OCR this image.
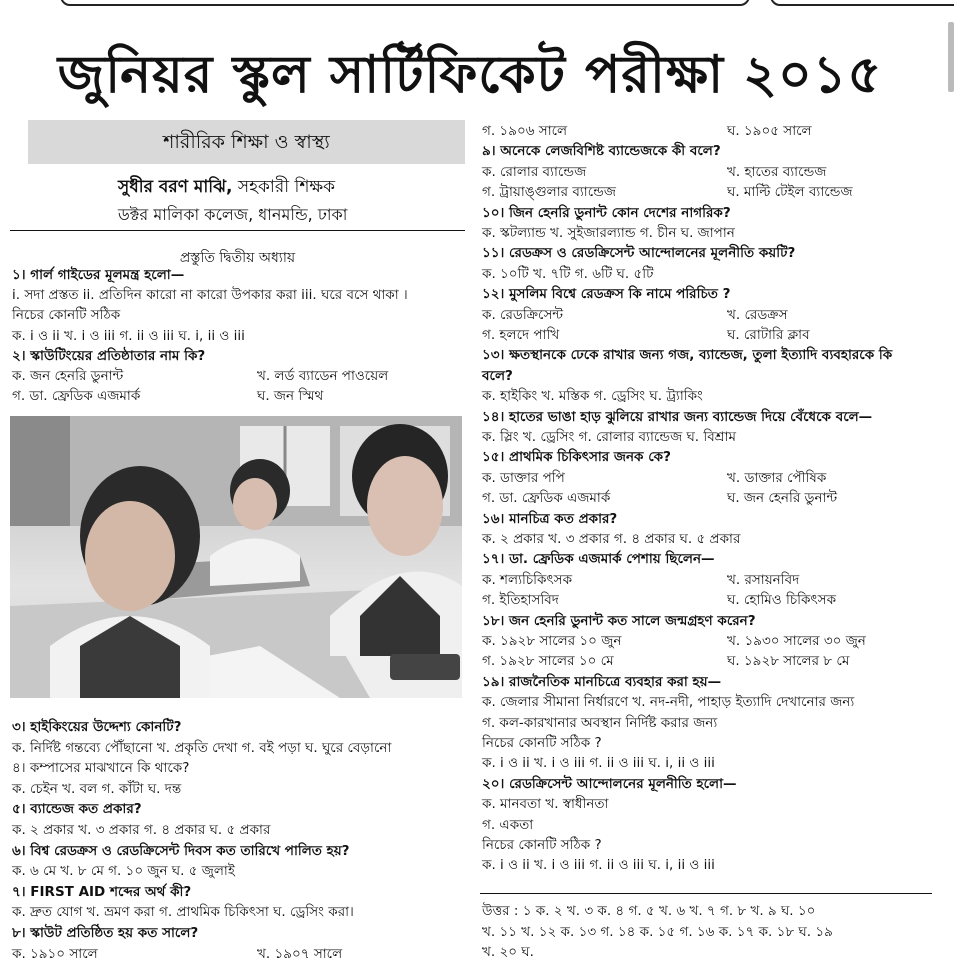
জুনিয়র স্কুল সার্টিফিকেট পরীক্ষা ২০১৫
শারীরিক শিক্ষা ও স্বাস্থ্য
সুধীর বরণ মাঝি, সহকারী শিক্ষক
ডক্টর মালিকা কলেজ, ধানমন্ডি, ঢাকা
প্রস্তুতি দ্বিতীয় অধ্যায়
উত্তর : ১ ক. ২ খ. ৩ ক. ৪ গ. ৫ খ. ৬ খ. ৭ গ. ৮ খ. ৯ ঘ. ১০
খ. ১১ খ. ১২ ক. ১৩ গ. ১৪ ক. ১৫ গ. ১৬ ক. ১৭ ক. ১৮ ঘ. ১৯
খ. ২০ ঘ.
১। গার্ল গাইডের মূলমন্ত্র হলো—
i. সদা প্রস্তত ii. প্রতিদিন কারো না কারো উপকার করা iii. ঘরে বসে থাকা ।
নিচের কোনটি সঠিক
ক. i ও ii খ. i ও iii গ. ii ও iii ঘ. i, ii ও iii
২। স্কাউটিংয়ের প্রতিষ্ঠাতার নাম কি?
ক. জন হেনরি ডুনান্ট	খ. লর্ড ব্যাডেন পাওয়েল
গ. ডা. ফ্রেডিক এজমার্ক	ঘ. জন স্মিথ
৩। হাইকিংয়ের উদ্দেশ্য কোনটি?
ক. নির্দিষ্ট গন্তব্যে পৌঁছানো খ. প্রকৃতি দেখা গ. বই পড়া ঘ. ঘুরে বেড়ানো
৪। কম্পাসের মাঝখানে কি থাকে?
ক. চেইন খ. বল গ. কাঁটা ঘ. দন্ত
৫। ব্যান্ডেজ কত প্রকার?
ক. ২ প্রকার খ. ৩ প্রকার গ. ৪ প্রকার ঘ. ৫ প্রকার
৬। বিশ্ব রেডক্রস ও রেডক্রিসেন্ট দিবস কত তারিখে পালিত হয়?
ক. ৬ মে খ. ৮ মে গ. ১০ জুন ঘ. ৫ জুলাই
৭। FIRST AID শব্দের অর্থ কী?
ক. দ্রুত যোগ খ. ভ্রমণ করা গ. প্রাথমিক চিকিৎসা ঘ. ড্রেসিং করা।
৮। স্কাউট প্রতিষ্ঠিত হয় কত সালে?
ক. ১৯১০ সালে	খ. ১৯০৭ সালে
গ. ১৯০৬ সালে	ঘ. ১৯০৫ সালে
৯। অনেকে লেজবিশিষ্ট ব্যান্ডেজকে কী বলে?
ক. রোলার ব্যান্ডেজ	খ. হাতের ব্যান্ডেজ
গ. ট্রায়াঙ্গুলার ব্যান্ডেজ	ঘ. মাল্টি টেইল ব্যান্ডেজ
১০। জিন হেনরি ডুনান্ট কোন দেশের নাগরিক?
ক. স্কটল্যান্ড খ. সুইজারল্যান্ড গ. চীন ঘ. জাপান
১১। রেডক্রস ও রেডক্রিসেন্ট আন্দোলনের মূলনীতি কয়টি?
ক. ১০টি খ. ৭টি গ. ৬টি ঘ. ৫টি
১২। মুসলিম বিশ্বে রেডক্রস কি নামে পরিচিত ?
ক. রেডক্রিসেন্ট	খ. রেডক্রস
গ. হলদে পাখি	ঘ. রোটারি ক্লাব
১৩। ক্ষতস্থানকে ঢেকে রাখার জন্য গজ, ব্যান্ডেজ, তুলা ইত্যাদি ব্যবহারকে কি
বলে?
ক. হাইকিং খ. মস্তিক গ. ড্রেসিং ঘ. ট্র্যাকিং
১৪। হাতের ভাঙা হাড় ঝুলিয়ে রাখার জন্য ব্যান্ডেজ দিয়ে বেঁধেকে বলে—
ক. স্লিং খ. ড্রেসিং গ. রোলার ব্যান্ডেজ ঘ. বিশ্রাম
১৫। প্রাথমিক চিকিৎসার জনক কে?
ক. ডাক্তার পপি	খ. ডাক্তার পৌষিক
গ. ডা. ফ্রেডিক এজমার্ক	ঘ. জন হেনরি ডুনান্ট
১৬। মানচিত্র কত প্রকার?
ক. ২ প্রকার খ. ৩ প্রকার গ. ৪ প্রকার ঘ. ৫ প্রকার
১৭। ডা. ফ্রেডিক এজমার্ক পেশায় ছিলেন—
ক. শল্যচিকিৎসক	খ. রসায়নবিদ
গ. ইতিহাসবিদ	ঘ. হোমিও চিকিৎসক
১৮। জন হেনরি ডুনান্ট কত সালে জন্মগ্রহণ করেন?
ক. ১৯২৮ সালের ১০ জুন	খ. ১৯৩০ সালের ৩০ জুন
গ. ১৯২৮ সালের ১০ মে	ঘ. ১৯২৮ সালের ৮ মে
১৯। রাজনৈতিক মানচিত্রে ব্যবহার করা হয়—
ক. জেলার সীমানা নির্ধারণে খ. নদ-নদী, পাহাড় ইত্যাদি দেখানোর জন্য
গ. কল-কারখানার অবস্থান নির্দিষ্ট করার জন্য
নিচের কোনটি সঠিক ?
ক. i ও ii খ. i ও iii গ. ii ও iii ঘ. i, ii ও iii
২০। রেডক্রিসেন্ট আন্দোলনের মূলনীতি হলো—
ক. মানবতা খ. স্বাধীনতা
গ. একতা
নিচের কোনটি সঠিক ?
ক. i ও ii খ. i ও iii গ. ii ও iii ঘ. i, ii ও iii
